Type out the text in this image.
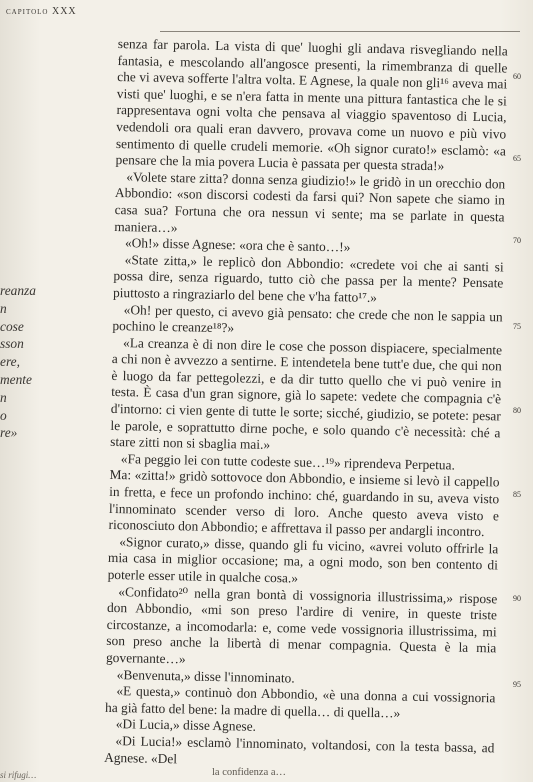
capitolo XXX

senza far parola. La vista di que' luoghi gli andava risvegliando nella fantasia, e mescolando all'angosce presenti, la rimembranza di quelle che vi aveva sofferte l'altra volta. E Agnese, la quale non gli¹⁶ aveva mai visti que' luoghi, e se n'era fatta in mente una pittura fantastica che le si rappresentava ogni volta che pensava al viaggio spaventoso di Lucia, vedendoli ora quali eran davvero, provava come un nuovo e più vivo sentimento di quelle crudeli memorie. «Oh signor curato!» esclamò: «a pensare che la mia povera Lucia è passata per questa strada!»

«Volete stare zitta? donna senza giudizio!» le gridò in un orecchio don Abbondio: «son discorsi codesti da farsi qui? Non sapete che siamo in casa sua? Fortuna che ora nessun vi sente; ma se parlate in questa maniera…»

«Oh!» disse Agnese: «ora che è santo…!»

«State zitta,» le replicò don Abbondio: «credete voi che ai santi si possa dire, senza riguardo, tutto ciò che passa per la mente? Pensate piuttosto a ringraziarlo del bene che v'ha fatto¹⁷.»

«Oh! per questo, ci avevo già pensato: che crede che non le sappia un pochino le creanze¹⁸?»

«La creanza è di non dire le cose che posson dispiacere, specialmente a chi non è avvezzo a sentirne. E intendetela bene tutt'e due, che qui non è luogo da far pettegolezzi, e da dir tutto quello che vi può venire in testa. È casa d'un gran signore, già lo sapete: vedete che compagnia c'è d'intorno: ci vien gente di tutte le sorte; sicché, giudizio, se potete: pesar le parole, e soprattutto dirne poche, e solo quando c'è necessità: ché a stare zitti non si sbaglia mai.»

«Fa peggio lei con tutte codeste sue…¹⁹» riprendeva Perpetua.

Ma: «zitta!» gridò sottovoce don Abbondio, e insieme si levò il cappello in fretta, e fece un profondo inchino: ché, guardando in su, aveva visto l'innominato scender verso di loro. Anche questo aveva visto e riconosciuto don Abbondio; e affrettava il passo per andargli incontro.

«Signor curato,» disse, quando gli fu vicino, «avrei voluto offrirle la mia casa in miglior occasione; ma, a ogni modo, son ben contento di poterle esser utile in qualche cosa.»

«Confidato²⁰ nella gran bontà di vossignoria illustrissima,» rispose don Abbondio, «mi son preso l'ardire di venire, in queste triste circostanze, a incomodarla: e, come vede vossignoria illustrissima, mi son preso anche la libertà di menar compagnia. Questa è la mia governante…»

«Benvenuta,» disse l'innominato.

«E questa,» continuò don Abbondio, «è una donna a cui vossignoria ha già fatto del bene: la madre di quella… di quella…»

«Di Lucia,» disse Agnese.

«Di Lucia!» esclamò l'innominato, voltandosi, con la testa bassa, ad Agnese. «Del

60
65
70
75
80
85
90
95
reanza
n
cose
sson
ere,
mente
n
o
re»
si rifugi…	la confidenza a…
